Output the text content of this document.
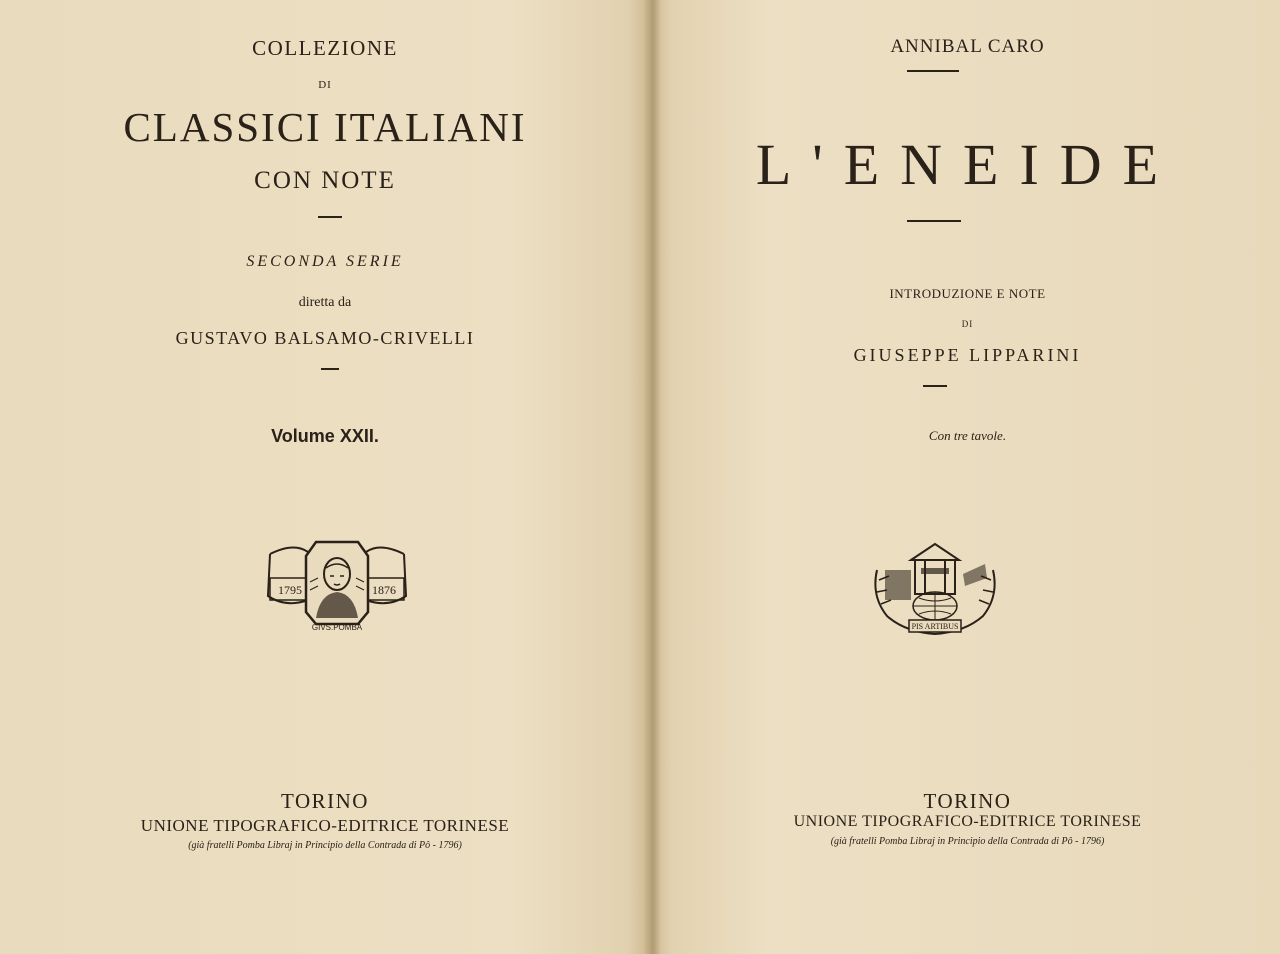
COLLEZIONE
DI
CLASSICI ITALIANI
CON NOTE
SECONDA SERIE
diretta da
GUSTAVO BALSAMO-CRIVELLI
Volume XXII.
1795	1876
GIVS.POMBA
TORINO
UNIONE TIPOGRAFICO-EDITRICE TORINESE
(già fratelli Pomba Libraj in Principio della Contrada di Pô - 1796)
ANNIBAL CARO
L'ENEIDE
INTRODUZIONE E NOTE
DI
GIUSEPPE LIPPARINI
Con tre tavole.
PIS ARTIBUS
TORINO
UNIONE TIPOGRAFICO-EDITRICE TORINESE
(già fratelli Pomba Libraj in Principio della Contrada di Pô - 1796)
